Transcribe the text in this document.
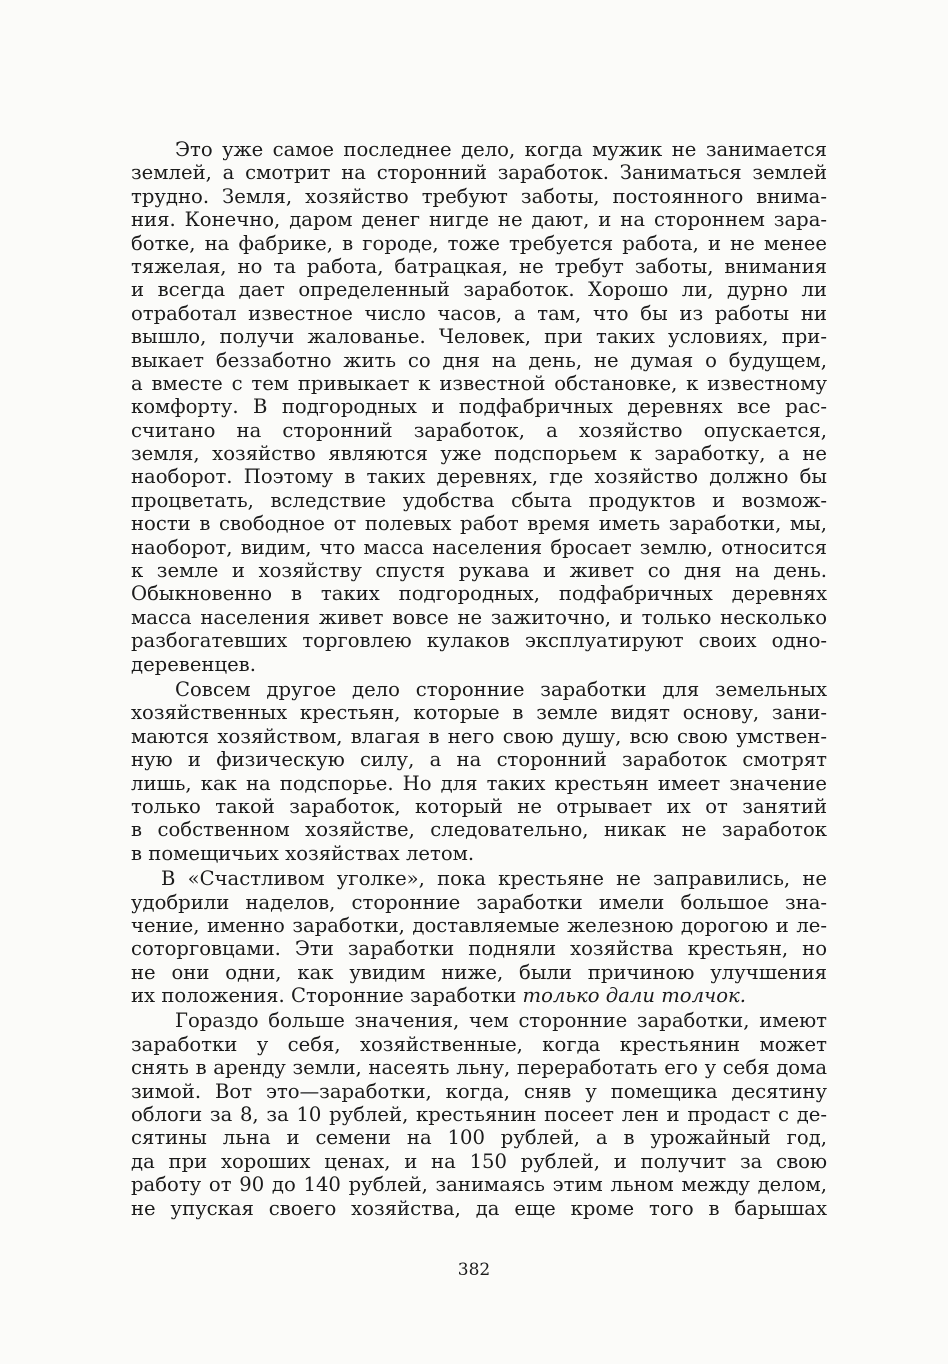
Это уже самое последнее дело, когда мужик не занимается
землей, а смотрит на сторонний заработок. Заниматься землей
трудно. Земля, хозяйство требуют заботы, постоянного внима-
ния. Конечно, даром денег нигде не дают, и на стороннем зара-
ботке, на фабрике, в городе, тоже требуется работа, и не менее
тяжелая, но та работа, батрацкая, не требут заботы, внимания
и всегда дает определенный заработок. Хорошо ли, дурно ли
отработал известное число часов, а там, что бы из работы ни
вышло, получи жалованье. Человек, при таких условиях, при-
выкает беззаботно жить со дня на день, не думая о будущем,
а вместе с тем привыкает к известной обстановке, к известному
комфорту. В подгородных и подфабричных деревнях все рас-
считано на сторонний заработок, а хозяйство опускается,
земля, хозяйство являются уже подспорьем к заработку, а не
наоборот. Поэтому в таких деревнях, где хозяйство должно бы
процветать, вследствие удобства сбыта продуктов и возмож-
ности в свободное от полевых работ время иметь заработки, мы,
наоборот, видим, что масса населения бросает землю, относится
к земле и хозяйству спустя рукава и живет со дня на день.
Обыкновенно в таких подгородных, подфабричных деревнях
масса населения живет вовсе не зажиточно, и только несколько
разбогатевших торговлею кулаков эксплуатируют своих одно-
деревенцев.
Совсем другое дело сторонние заработки для земельных
хозяйственных крестьян, которые в земле видят основу, зани-
маются хозяйством, влагая в него свою душу, всю свою умствен-
ную и физическую силу, а на сторонний заработок смотрят
лишь, как на подспорье. Но для таких крестьян имеет значение
только такой заработок, который не отрывает их от занятий
в собственном хозяйстве, следовательно, никак не заработок
в помещичьих хозяйствах летом.
В «Счастливом уголке», пока крестьяне не заправились, не
удобрили наделов, сторонние заработки имели большое зна-
чение, именно заработки, доставляемые железною дорогою и ле-
соторговцами. Эти заработки подняли хозяйства крестьян, но
не они одни, как увидим ниже, были причиною улучшения
их положения. Сторонние заработки только дали толчок.
Гораздо больше значения, чем сторонние заработки, имеют
заработки у себя, хозяйственные, когда крестьянин может
снять в аренду земли, насеять льну, переработать его у себя дома
зимой. Вот это—заработки, когда, сняв у помещика десятину
облоги за 8, за 10 рублей, крестьянин посеет лен и продаст с де-
сятины льна и семени на 100 рублей, а в урожайный год,
да при хороших ценах, и на 150 рублей, и получит за свою
работу от 90 до 140 рублей, занимаясь этим льном между делом,
не упуская своего хозяйства, да еще кроме того в барышах
382
